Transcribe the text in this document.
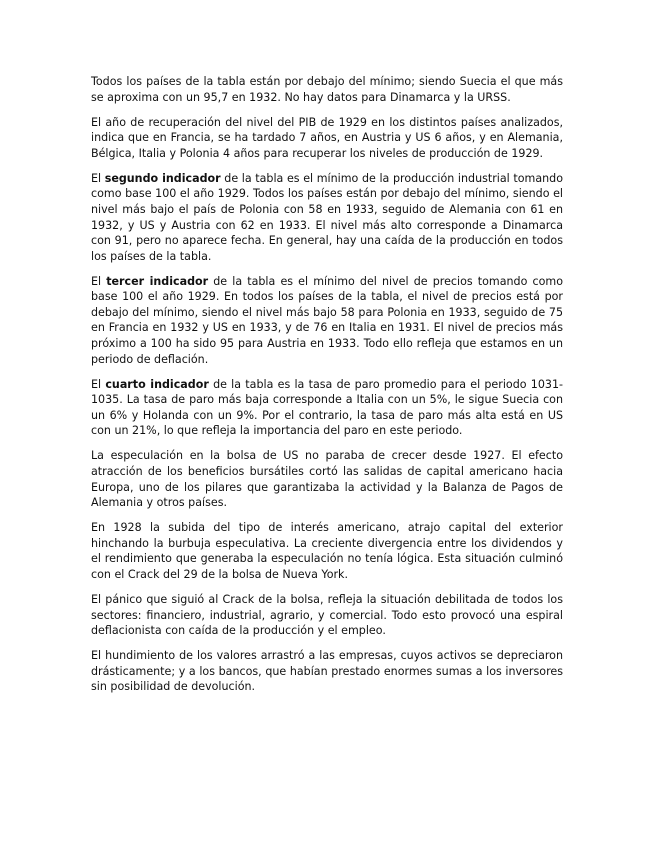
Todos los países de la tabla están por debajo del mínimo; siendo Suecia el que más se aproxima con un 95,7 en 1932. No hay datos para Dinamarca y la URSS.

El año de recuperación del nivel del PIB de 1929 en los distintos países analizados, indica que en Francia, se ha tardado 7 años, en Austria y US 6 años, y en Alemania, Bélgica, Italia y Polonia 4 años para recuperar los niveles de producción de 1929.

El segundo indicador de la tabla es el mínimo de la producción industrial tomando como base 100 el año 1929. Todos los países están por debajo del mínimo, siendo el nivel más bajo el país de Polonia con 58 en 1933, seguido de Alemania con 61 en 1932, y US y Austria con 62 en 1933. El nivel más alto corresponde a Dinamarca con 91, pero no aparece fecha. En general, hay una caída de la producción en todos los países de la tabla.

El tercer indicador de la tabla es el mínimo del nivel de precios tomando como base 100 el año 1929. En todos los países de la tabla, el nivel de precios está por debajo del mínimo, siendo el nivel más bajo 58 para Polonia en 1933, seguido de 75 en Francia en 1932 y US en 1933, y de 76 en Italia en 1931. El nivel de precios más próximo a 100 ha sido 95 para Austria en 1933. Todo ello refleja que estamos en un periodo de deflación.

El cuarto indicador de la tabla es la tasa de paro promedio para el periodo 1031-1035. La tasa de paro más baja corresponde a Italia con un 5%, le sigue Suecia con un 6% y Holanda con un 9%. Por el contrario, la tasa de paro más alta está en US con un 21%, lo que refleja la importancia del paro en este periodo.

La especulación en la bolsa de US no paraba de crecer desde 1927. El efecto atracción de los beneficios bursátiles cortó las salidas de capital americano hacia Europa, uno de los pilares que garantizaba la actividad y la Balanza de Pagos de Alemania y otros países.

En 1928 la subida del tipo de interés americano, atrajo capital del exterior hinchando la burbuja especulativa. La creciente divergencia entre los dividendos y el rendimiento que generaba la especulación no tenía lógica. Esta situación culminó con el Crack del 29 de la bolsa de Nueva York.

El pánico que siguió al Crack de la bolsa, refleja la situación debilitada de todos los sectores: financiero, industrial, agrario, y comercial. Todo esto provocó una espiral deflacionista con caída de la producción y el empleo.

El hundimiento de los valores arrastró a las empresas, cuyos activos se depreciaron drásticamente; y a los bancos, que habían prestado enormes sumas a los inversores sin posibilidad de devolución.
